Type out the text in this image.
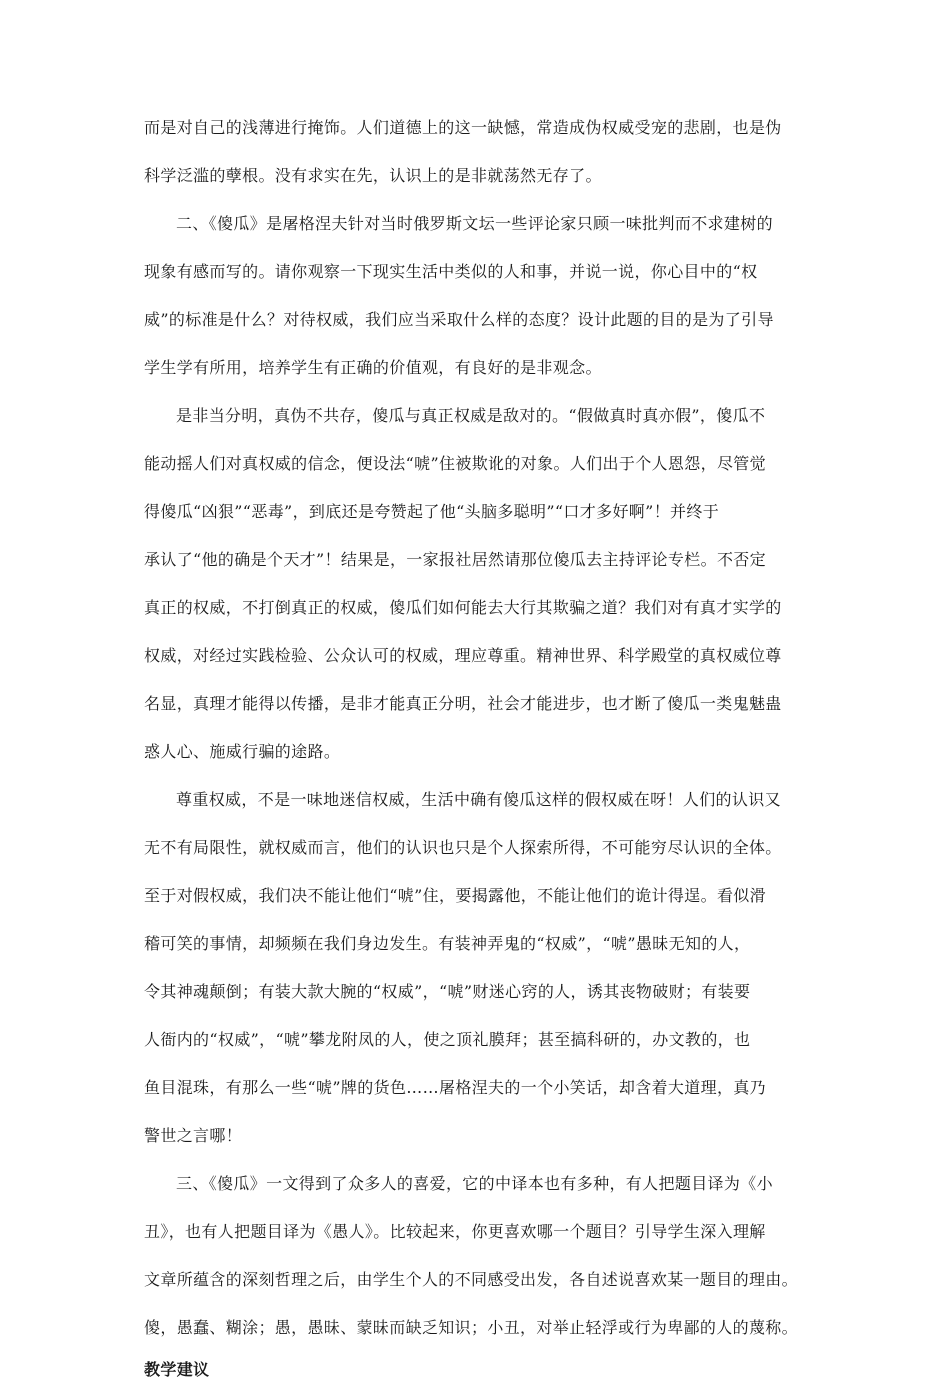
而是对自己的浅薄进行掩饰。人们道德上的这一缺憾，常造成伪权威受宠的悲剧，也是伪
科学泛滥的孽根。没有求实在先，认识上的是非就荡然无存了。
二、《傻瓜》是屠格涅夫针对当时俄罗斯文坛一些评论家只顾一味批判而不求建树的
现象有感而写的。请你观察一下现实生活中类似的人和事，并说一说，你心目中的“权
威”的标准是什么？对待权威，我们应当采取什么样的态度？设计此题的目的是为了引导
学生学有所用，培养学生有正确的价值观，有良好的是非观念。
是非当分明，真伪不共存，傻瓜与真正权威是敌对的。“假做真时真亦假”，傻瓜不
能动摇人们对真权威的信念，便设法“唬”住被欺讹的对象。人们出于个人恩怨，尽管觉
得傻瓜“凶狠”“恶毒”，到底还是夸赞起了他“头脑多聪明”“口才多好啊”！并终于
承认了“他的确是个天才”！结果是，一家报社居然请那位傻瓜去主持评论专栏。不否定
真正的权威，不打倒真正的权威，傻瓜们如何能去大行其欺骗之道？我们对有真才实学的
权威，对经过实践检验、公众认可的权威，理应尊重。精神世界、科学殿堂的真权威位尊
名显，真理才能得以传播，是非才能真正分明，社会才能进步，也才断了傻瓜一类鬼魅蛊
惑人心、施威行骗的途路。
尊重权威，不是一味地迷信权威，生活中确有傻瓜这样的假权威在呀！人们的认识又
无不有局限性，就权威而言，他们的认识也只是个人探索所得，不可能穷尽认识的全体。
至于对假权威，我们决不能让他们“唬”住，要揭露他，不能让他们的诡计得逞。看似滑
稽可笑的事情，却频频在我们身边发生。有装神弄鬼的“权威”，“唬”愚昧无知的人，
令其神魂颠倒；有装大款大腕的“权威”，“唬”财迷心窍的人，诱其丧物破财；有装要
人衙内的“权威”，“唬”攀龙附凤的人，使之顶礼膜拜；甚至搞科研的，办文教的，也
鱼目混珠，有那么一些“唬”牌的货色……屠格涅夫的一个小笑话，却含着大道理，真乃
警世之言哪！
三、《傻瓜》一文得到了众多人的喜爱，它的中译本也有多种，有人把题目译为《小
丑》，也有人把题目译为《愚人》。比较起来，你更喜欢哪一个题目？引导学生深入理解
文章所蕴含的深刻哲理之后，由学生个人的不同感受出发，各自述说喜欢某一题目的理由。
傻，愚蠢、糊涂；愚，愚昧、蒙昧而缺乏知识；小丑，对举止轻浮或行为卑鄙的人的蔑称。
教学建议
